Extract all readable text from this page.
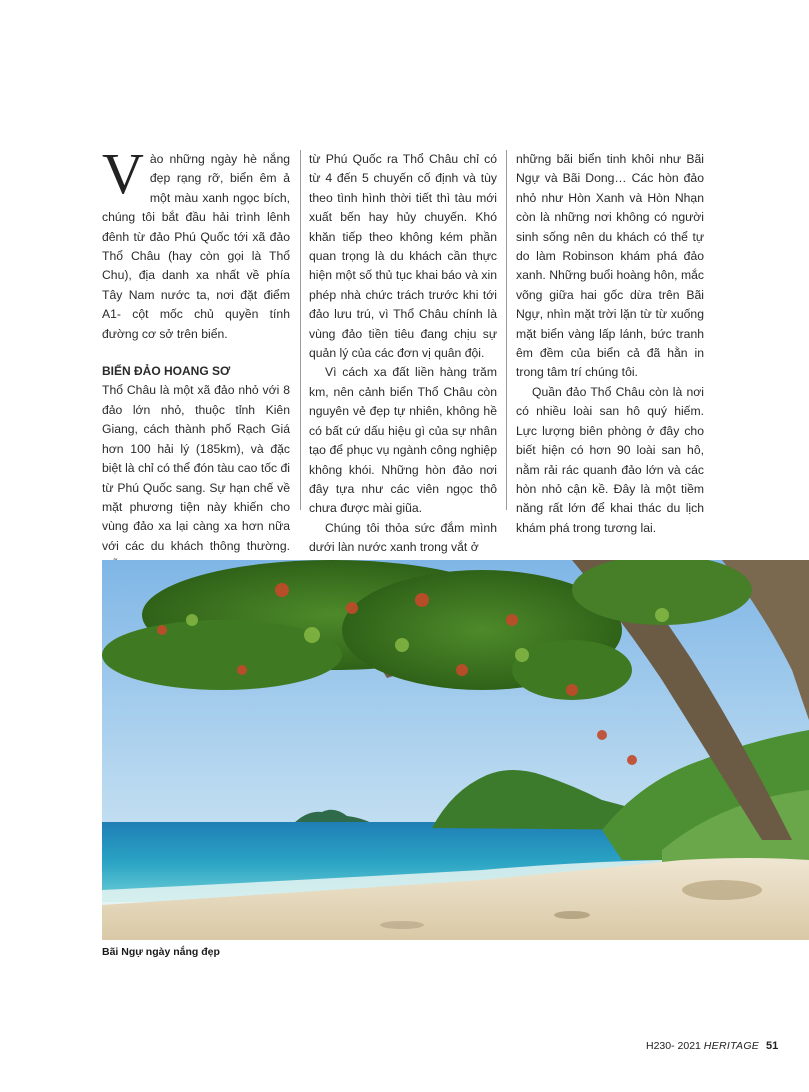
Vào những ngày hè nắng đẹp rạng rỡ, biển êm ả một màu xanh ngọc bích, chúng tôi bắt đầu hải trình lênh đênh từ đảo Phú Quốc tới xã đảo Thổ Châu (hay còn gọi là Thổ Chu), địa danh xa nhất về phía Tây Nam nước ta, nơi đặt điểm A1- cột mốc chủ quyền tính đường cơ sở trên biển.

BIỂN ĐẢO HOANG SƠ

Thổ Châu là một xã đảo nhỏ với 8 đảo lớn nhỏ, thuộc tỉnh Kiên Giang, cách thành phố Rạch Giá hơn 100 hải lý (185km), và đặc biệt là chỉ có thể đón tàu cao tốc đi từ Phú Quốc sang. Sự hạn chế về mặt phương tiện này khiến cho vùng đảo xa lại càng xa hơn nữa với các du khách thông thường.

từ Phú Quốc ra Thổ Châu chỉ có từ 4 đến 5 chuyến cố định và tùy theo tình hình thời tiết thì tàu mới xuất bến hay hủy chuyến. Khó khăn tiếp theo không kém phần quan trọng là du khách cần thực hiện một số thủ tục khai báo và xin phép nhà chức trách trước khi tới đảo lưu trú, vì Thổ Châu chính là vùng đảo tiền tiêu đang chịu sự quản lý của các đơn vị quân đội.

Vì cách xa đất liền hàng trăm km, nên cảnh biển Thổ Châu còn nguyên vẻ đẹp tự nhiên, không hề có bất cứ dấu hiệu gì của sự nhân tạo để phục vụ ngành công nghiệp không khói. Những hòn đảo nơi đây tựa như các viên ngọc thô chưa được mài giũa.

Chúng tôi thỏa sức đắm mình dưới làn nước xanh trong vắt ở

những bãi biển tinh khôi như Bãi Ngự và Bãi Dong… Các hòn đảo nhỏ như Hòn Xanh và Hòn Nhạn còn là những nơi không có người sinh sống nên du khách có thể tự do làm Robinson khám phá đảo xanh. Những buổi hoàng hôn, mắc võng giữa hai gốc dừa trên Bãi Ngự, nhìn mặt trời lặn từ từ xuống mặt biển vàng lấp lánh, bức tranh êm đềm của biển cả đã hằn in trong tâm trí chúng tôi.

Quần đảo Thổ Châu còn là nơi có nhiều loài san hô quý hiếm. Lực lượng biên phòng ở đây cho biết hiện có hơn 90 loài san hô, nằm rải rác quanh đảo lớn và các hòn nhỏ cận kề. Đây là một tiềm năng rất lớn để khai thác du lịch khám phá trong tương lai.

Bãi Ngự ngày nắng đẹp
H230- 2021 HERITAGE 51
